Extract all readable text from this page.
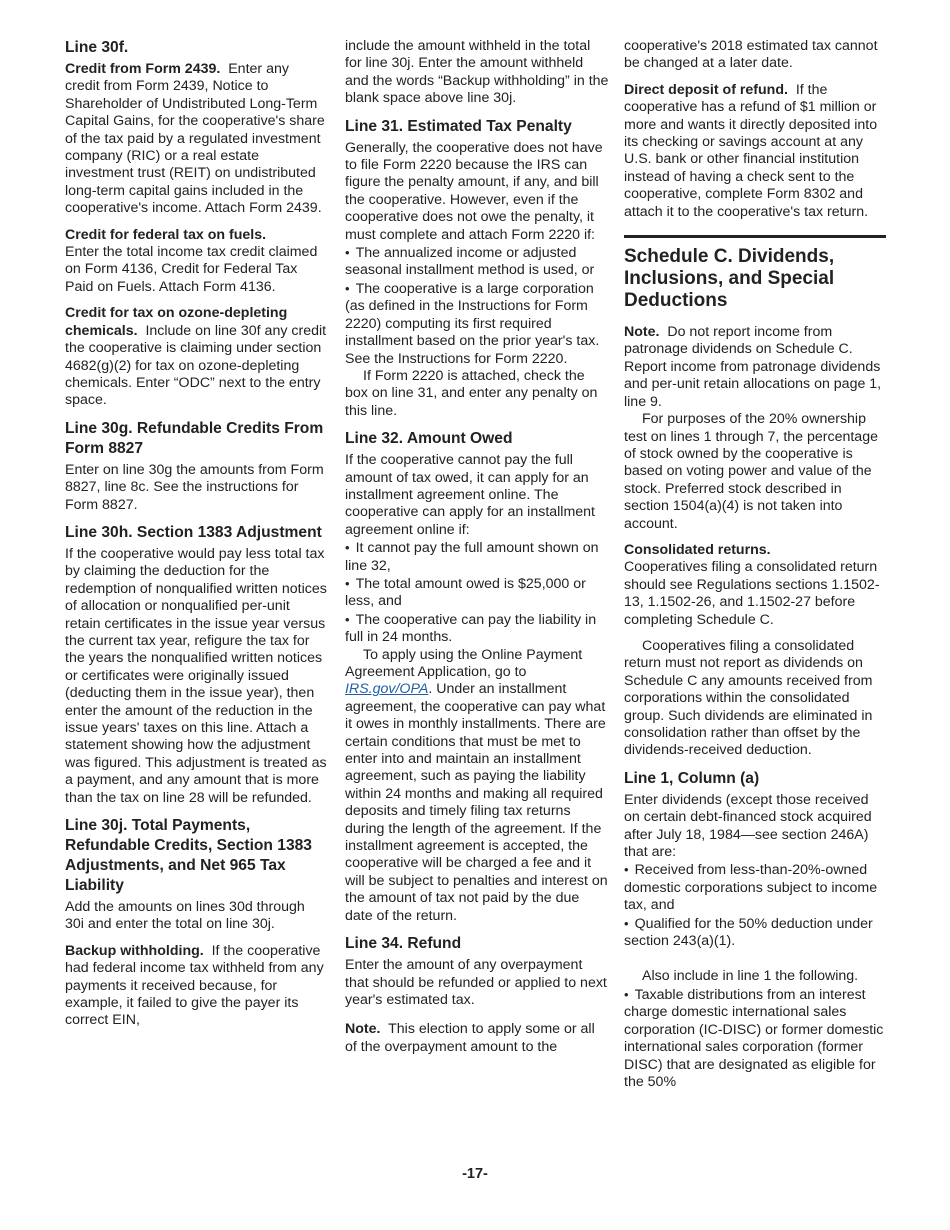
Line 30f.

Credit from Form 2439. Enter any credit from Form 2439, Notice to Shareholder of Undistributed Long-Term Capital Gains, for the cooperative's share of the tax paid by a regulated investment company (RIC) or a real estate investment trust (REIT) on undistributed long-term capital gains included in the cooperative's income. Attach Form 2439.

Credit for federal tax on fuels.
Enter the total income tax credit claimed on Form 4136, Credit for Federal Tax Paid on Fuels. Attach Form 4136.

Credit for tax on ozone-depleting chemicals. Include on line 30f any credit the cooperative is claiming under section 4682(g)(2) for tax on ozone-depleting chemicals. Enter “ODC” next to the entry space.

Line 30g. Refundable Credits From Form 8827

Enter on line 30g the amounts from Form 8827, line 8c. See the instructions for Form 8827.

Line 30h. Section 1383 Adjustment

If the cooperative would pay less total tax by claiming the deduction for the redemption of nonqualified written notices of allocation or nonqualified per-unit retain certificates in the issue year versus the current tax year, refigure the tax for the years the nonqualified written notices or certificates were originally issued (deducting them in the issue year), then enter the amount of the reduction in the issue years' taxes on this line. Attach a statement showing how the adjustment was figured. This adjustment is treated as a payment, and any amount that is more than the tax on line 28 will be refunded.

Line 30j. Total Payments, Refundable Credits, Section 1383 Adjustments, and Net 965 Tax Liability

Add the amounts on lines 30d through 30i and enter the total on line 30j.

Backup withholding. If the cooperative had federal income tax withheld from any payments it received because, for example, it failed to give the payer its correct EIN,

include the amount withheld in the total for line 30j. Enter the amount withheld and the words “Backup withholding” in the blank space above line 30j.

Line 31. Estimated Tax Penalty

Generally, the cooperative does not have to file Form 2220 because the IRS can figure the penalty amount, if any, and bill the cooperative. However, even if the cooperative does not owe the penalty, it must complete and attach Form 2220 if:

• The annualized income or adjusted seasonal installment method is used, or

• The cooperative is a large corporation (as defined in the Instructions for Form 2220) computing its first required installment based on the prior year's tax. See the Instructions for Form 2220.

If Form 2220 is attached, check the box on line 31, and enter any penalty on this line.

Line 32. Amount Owed

If the cooperative cannot pay the full amount of tax owed, it can apply for an installment agreement online. The cooperative can apply for an installment agreement online if:

• It cannot pay the full amount shown on line 32,

• The total amount owed is $25,000 or less, and

• The cooperative can pay the liability in full in 24 months.

To apply using the Online Payment Agreement Application, go to IRS.gov/OPA. Under an installment agreement, the cooperative can pay what it owes in monthly installments. There are certain conditions that must be met to enter into and maintain an installment agreement, such as paying the liability within 24 months and making all required deposits and timely filing tax returns during the length of the agreement. If the installment agreement is accepted, the cooperative will be charged a fee and it will be subject to penalties and interest on the amount of tax not paid by the due date of the return.

Line 34. Refund

Enter the amount of any overpayment that should be refunded or applied to next year's estimated tax.

Note. This election to apply some or all of the overpayment amount to the

cooperative's 2018 estimated tax cannot be changed at a later date.

Direct deposit of refund. If the cooperative has a refund of $1 million or more and wants it directly deposited into its checking or savings account at any U.S. bank or other financial institution instead of having a check sent to the cooperative, complete Form 8302 and attach it to the cooperative's tax return.

Schedule C. Dividends, Inclusions, and Special Deductions

Note. Do not report income from patronage dividends on Schedule C. Report income from patronage dividends and per-unit retain allocations on page 1, line 9.

For purposes of the 20% ownership test on lines 1 through 7, the percentage of stock owned by the cooperative is based on voting power and value of the stock. Preferred stock described in section 1504(a)(4) is not taken into account.

Consolidated returns.
Cooperatives filing a consolidated return should see Regulations sections 1.1502-13, 1.1502-26, and 1.1502-27 before completing Schedule C.

Cooperatives filing a consolidated return must not report as dividends on Schedule C any amounts received from corporations within the consolidated group. Such dividends are eliminated in consolidation rather than offset by the dividends-received deduction.

Line 1, Column (a)

Enter dividends (except those received on certain debt-financed stock acquired after July 18, 1984—see section 246A) that are:

• Received from less-than-20%-owned domestic corporations subject to income tax, and

• Qualified for the 50% deduction under section 243(a)(1).

Also include in line 1 the following.

• Taxable distributions from an interest charge domestic international sales corporation (IC-DISC) or former domestic international sales corporation (former DISC) that are designated as eligible for the 50%

-17-
